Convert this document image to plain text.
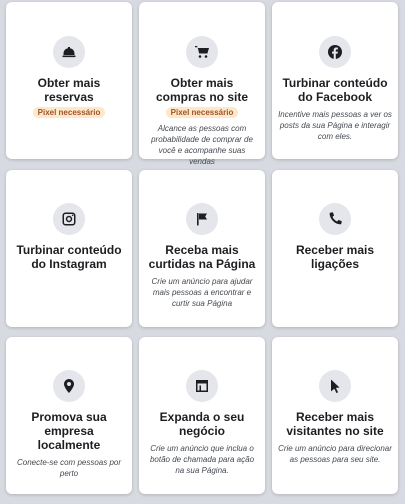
Obter mais reservas
Pixel necessário
Obter mais compras no site
Pixel necessário
Alcance as pessoas com probabilidade de comprar de você e acompanhe suas vendas
Turbinar conteúdo do Facebook
Incentive mais pessoas a ver os posts da sua Página e interagir com eles.
Turbinar conteúdo do Instagram
Receba mais curtidas na Página
Crie um anúncio para ajudar mais pessoas a encontrar e curtir sua Página
Receber mais ligações
Promova sua empresa localmente
Conecte-se com pessoas por perto
Expanda o seu negócio
Crie um anúncio que inclua o botão de chamada para ação na sua Página.
Receber mais visitantes no site
Crie um anúncio para direcionar as pessoas para seu site.
